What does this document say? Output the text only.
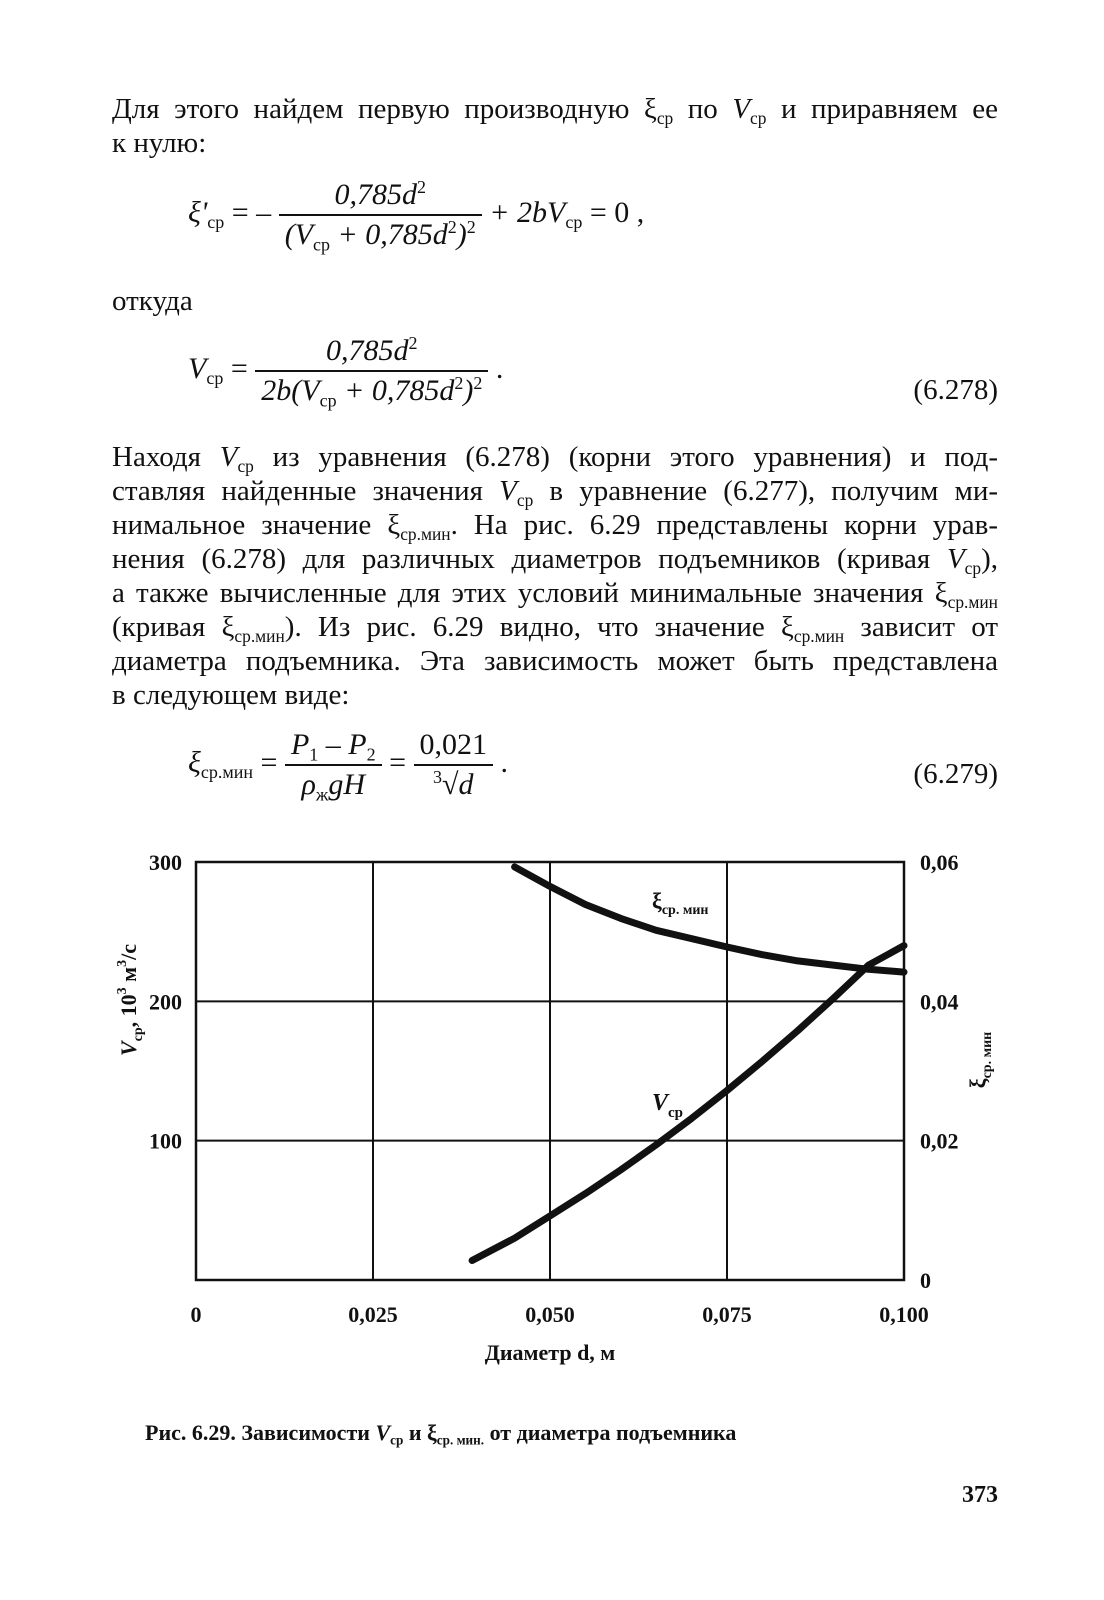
Для этого найдем первую производную $\xi_{ср}$ по $V_{ср}$ и приравняем ее
к нулю:

$\xi'_{ср}$ = – $\frac{0,785d^2}{(V_{ср} + 0,785d^2)^2} + 2bV_{ср} = 0$ ,

откуда

$V_{ср} = \frac{0,785d^2}{2b(V_{ср} + 0,785d^2)^2}$ .
(6.278)

Находя $V_{ср}$ из уравнения (6.278) (корни этого уравнения) и под-
ставляя найденные значения $V_{ср}$ в уравнение (6.277), получим ми-
нимальное значение $\xi_{ср.мин}$. На рис. 6.29 представлены корни урав-
нения (6.278) для различных диаметров подъемников (кривая $V_{ср}$),
а также вычисленные для этих условий минимальные значения $\xi_{ср.мин}$
(кривая $\xi_{ср.мин}$). Из рис. 6.29 видно, что значение $\xi_{ср.мин}$ зависит от
диаметра подъемника. Эта зависимость может быть представлена
в следующем виде:

$\xi_{ср.мин} = \frac{P_1 - P_2}{\rho_жgH} = \frac{0,021}{^3√d}$ .	(6.279)
0	0,025	0,050	0,075	0,100
100
200
300
0
0,02
0,04
0,06
Диаметр d, м
$V_{ср}$, $10^3$ $м^3/с$
$\xi_{ср. мин}$
$V_{ср}$
$\xi_{ср. мин}$
Рис. 6.29. Зависимости $V_{ср}$ и $\xi_{ср. мин.}$ от диаметра подъемника
373
